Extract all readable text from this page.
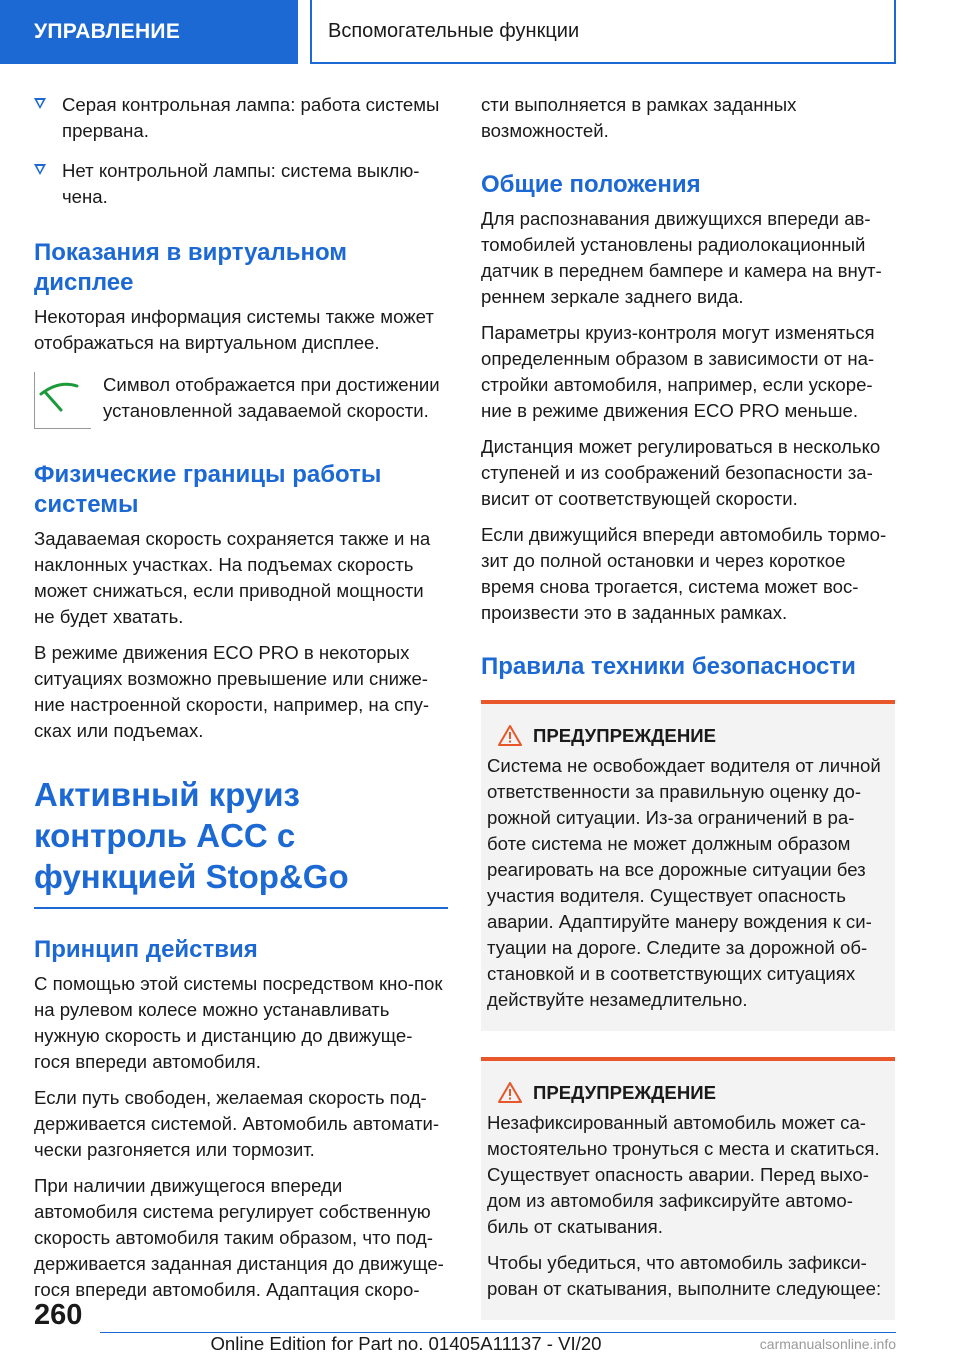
УПРАВЛЕНИЕ	Вспомогательные функции

Серая контрольная лампа: работа системы прервана.

Нет контрольной лампы: система выклю-чена.

Показания в виртуальном дисплее

Некоторая информация системы также может отображаться на виртуальном дисплее.

Символ отображается при достижении установленной задаваемой скорости.

Физические границы работы системы

Задаваемая скорость сохраняется также и на наклонных участках. На подъемах скорость может снижаться, если приводной мощности не будет хватать.

В режиме движения ECO PRO в некоторых ситуациях возможно превышение или сниже-ние настроенной скорости, например, на спу-сках или подъемах.

Активный круиз контроль ACC с функцией Stop&Go
Принцип действия

С помощью этой системы посредством кно-пок на рулевом колесе можно устанавливать нужную скорость и дистанцию до движуще-гося впереди автомобиля.

Если путь свободен, желаемая скорость под-держивается системой. Автомобиль автомати-чески разгоняется или тормозит.

При наличии движущегося впереди автомобиля система регулирует собственную скорость автомобиля таким образом, что под-держивается заданная дистанция до движуще-гося впереди автомобиля. Адаптация скоро-

сти выполняется в рамках заданных возможностей.

Общие положения

Для распознавания движущихся впереди ав-томобилей установлены радиолокационный датчик в переднем бампере и камера на внут-реннем зеркале заднего вида.

Параметры круиз-контроля могут изменяться определенным образом в зависимости от на-стройки автомобиля, например, если ускоре-ние в режиме движения ECO PRO меньше.

Дистанция может регулироваться в несколько ступеней и из соображений безопасности за-висит от соответствующей скорости.

Если движущийся впереди автомобиль тормо-зит до полной остановки и через короткое время снова трогается, система может вос-произвести это в заданных рамках.

Правила техники безопасности
ПРЕДУПРЕЖДЕНИЕ

Система не освобождает водителя от личной ответственности за правильную оценку до-рожной ситуации. Из-за ограничений в ра-боте система не может должным образом реагировать на все дорожные ситуации без участия водителя. Существует опасность аварии. Адаптируйте манеру вождения к си-туации на дороге. Следите за дорожной об-становкой и в соответствующих ситуациях действуйте незамедлительно.

ПРЕДУПРЕЖДЕНИЕ

Незафиксированный автомобиль может са-мостоятельно тронуться с места и скатиться. Существует опасность аварии. Перед выхо-дом из автомобиля зафиксируйте автомо-биль от скатывания.

Чтобы убедиться, что автомобиль зафикси-рован от скатывания, выполните следующее:

260
Online Edition for Part no. 01405A11137 - VI/20	carmanualsonline.info
